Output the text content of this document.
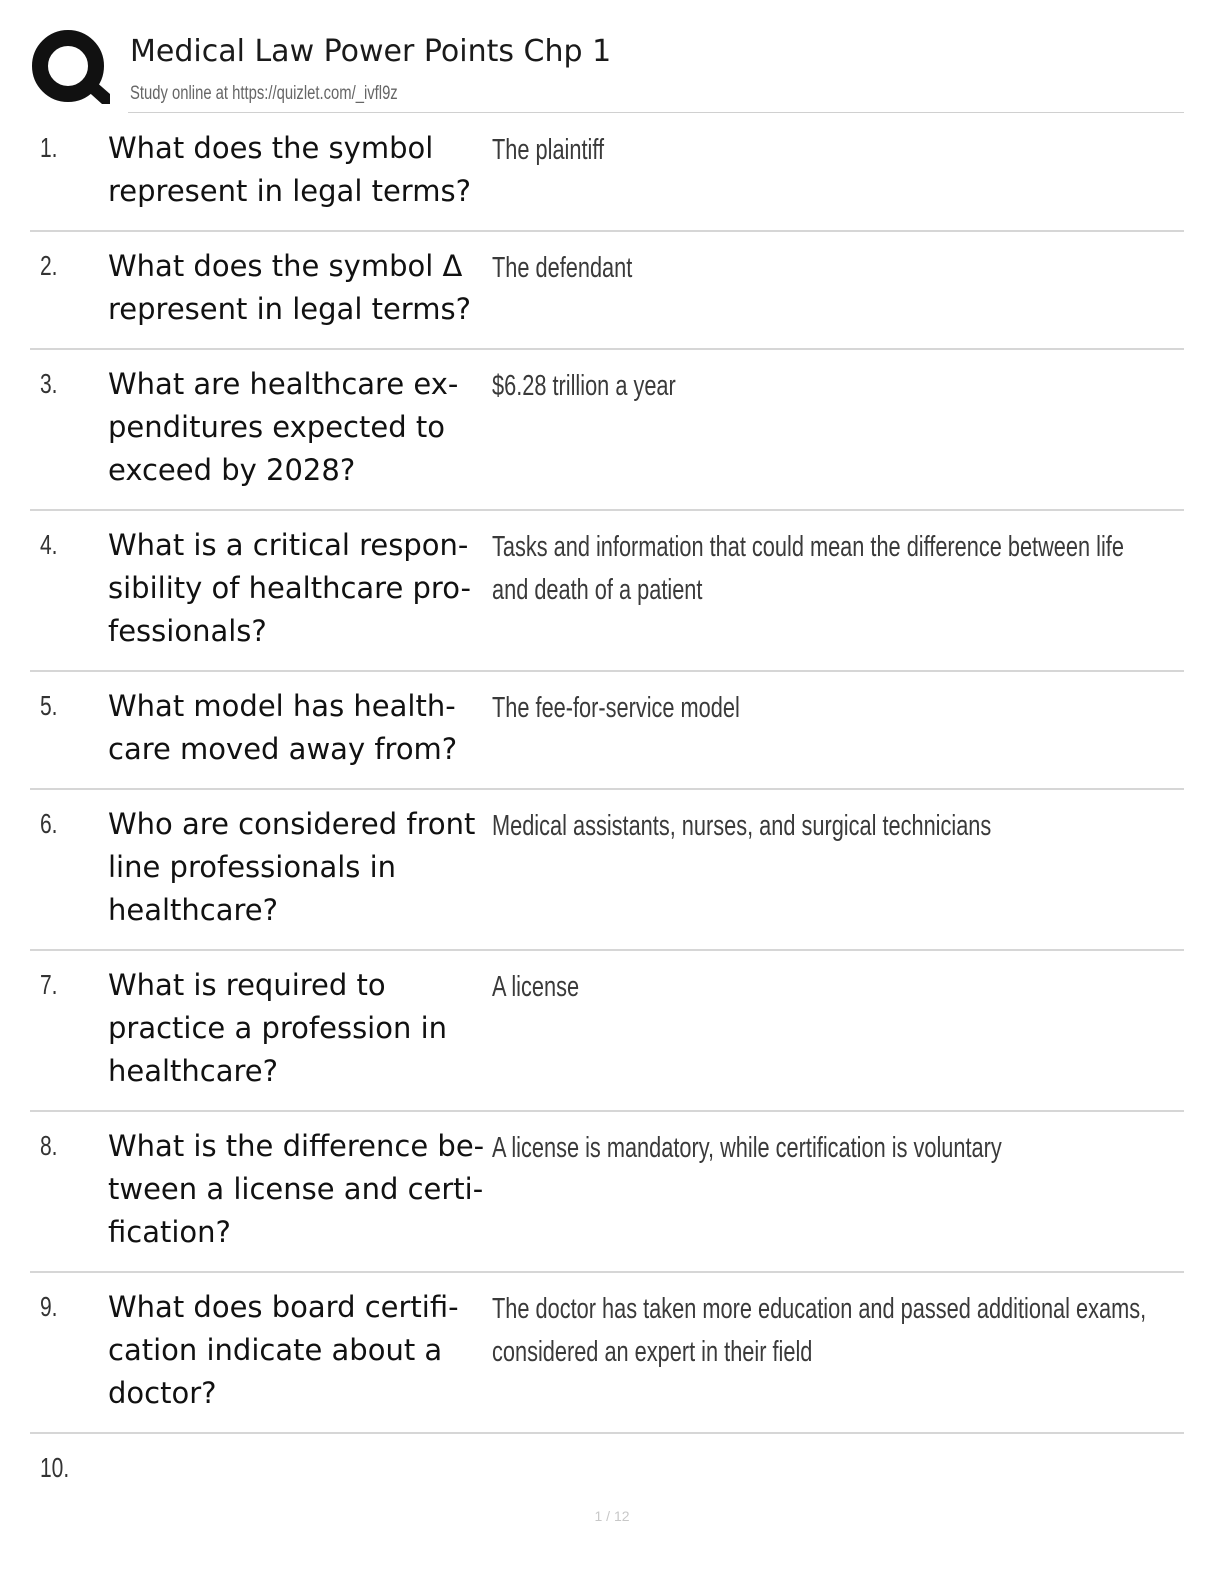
Medical Law Power Points Chp 1
Study online at https://quizlet.com/_ivfl9z
1. What does the symbol represent in legal terms?
The plaintiff
2. What does the symbol Δ represent in legal terms?
The defendant
3. What are healthcare ex-penditures expected to exceed by 2028?
$6.28 trillion a year
4. What is a critical respon-sibility of healthcare pro-fessionals?
Tasks and information that could mean the difference between life and death of a patient
5. What model has health-care moved away from?
The fee-for-service model
6. Who are considered front line professionals in healthcare?
Medical assistants, nurses, and surgical technicians
7. What is required to practice a profession in healthcare?
A license
8. What is the difference be-tween a license and certi-fication?
A license is mandatory, while certification is voluntary
9. What does board certifi-cation indicate about a doctor?
The doctor has taken more education and passed additional exams, considered an expert in their field
10.
1 / 12
